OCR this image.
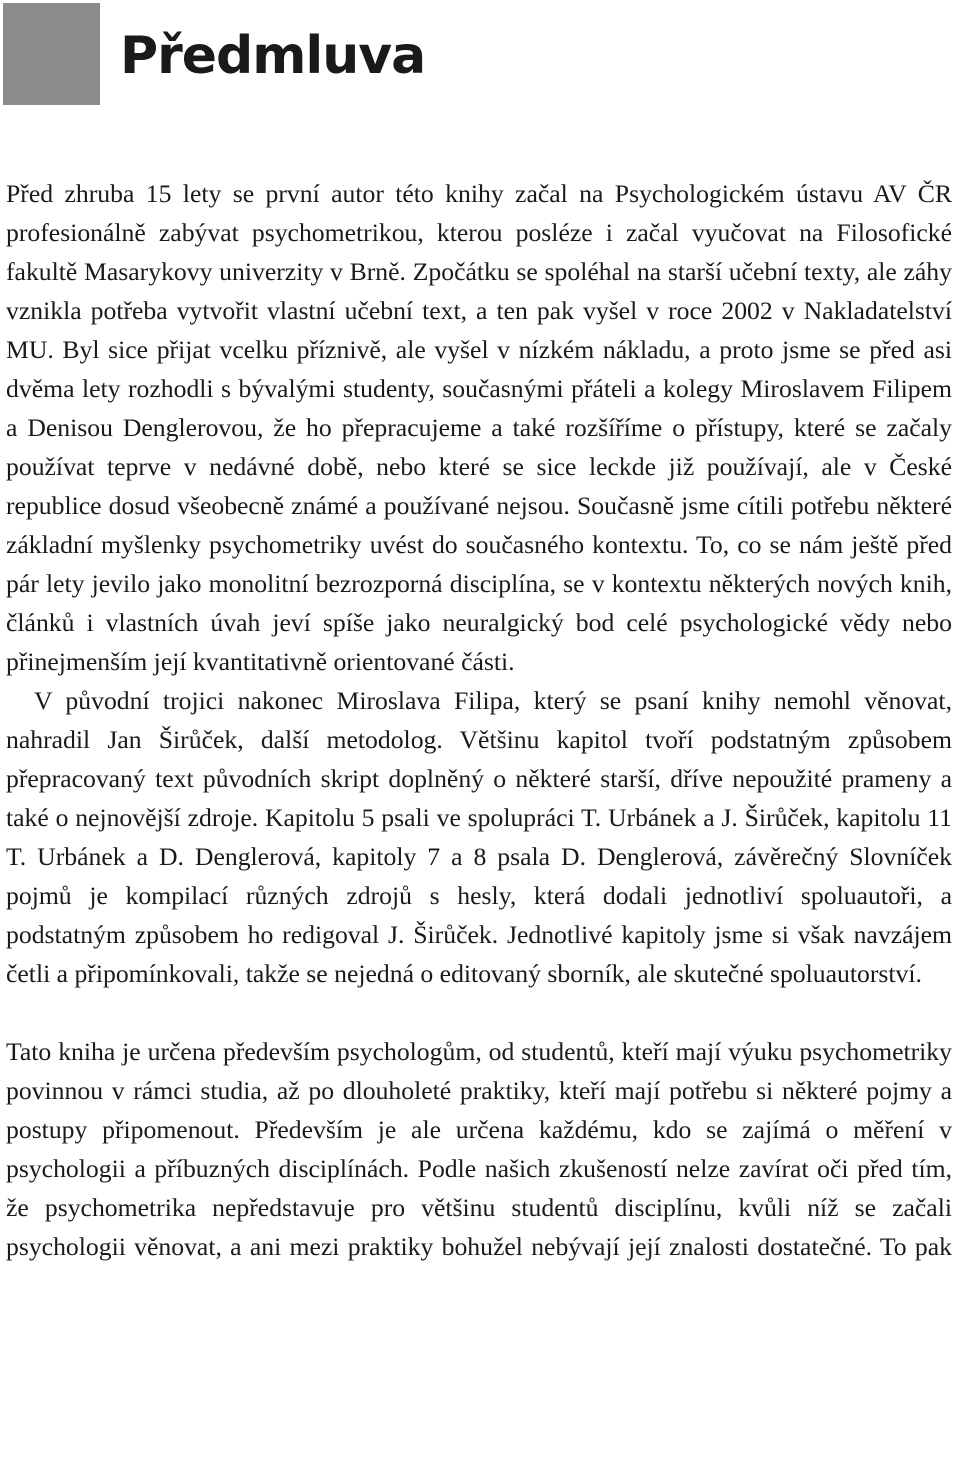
Předmluva

Před zhruba 15 lety se první autor této knihy začal na Psychologickém ústavu AV ČR profesionálně zabývat psychometrikou, kterou posléze i začal vyučovat na Filosofické fakultě Masarykovy univerzity v Brně. Zpočátku se spoléhal na starší učební texty, ale záhy vznikla potřeba vytvořit vlastní učební text, a ten pak vyšel v roce 2002 v Nakladatelství MU. Byl sice přijat vcelku příznivě, ale vyšel v nízkém nákladu, a proto jsme se před asi dvěma lety rozhodli s bývalými studenty, současnými přáteli a kolegy Miroslavem Filipem a Denisou Denglerovou, že ho přepracujeme a také rozšíříme o přístupy, které se začaly používat teprve v nedávné době, nebo které se sice leckde již používají, ale v České republice dosud všeobecně známé a používané nejsou. Současně jsme cítili potřebu některé základní myšlenky psychometriky uvést do současného kontextu. To, co se nám ještě před pár lety jevilo jako monolitní bezrozporná disciplína, se v kontextu některých nových knih, článků i vlastních úvah jeví spíše jako neuralgický bod celé psychologické vědy nebo přinejmenším její kvantitativně orientované části.

V původní trojici nakonec Miroslava Filipa, který se psaní knihy nemohl věnovat, nahradil Jan Širůček, další metodolog. Většinu kapitol tvoří podstatným způsobem přepracovaný text původních skript doplněný o některé starší, dříve nepoužité prameny a také o nejnovější zdroje. Kapitolu 5 psali ve spolupráci T. Urbánek a J. Širůček, kapitolu 11 T. Urbánek a D. Denglerová, kapitoly 7 a 8 psala D. Denglerová, závěrečný Slovníček pojmů je kompilací různých zdrojů s hesly, která dodali jednotliví spoluautoři, a podstatným způsobem ho redigoval J. Širůček. Jednotlivé kapitoly jsme si však navzájem četli a připomínkovali, takže se nejedná o editovaný sborník, ale skutečné spoluautorství.

Tato kniha je určena především psychologům, od studentů, kteří mají výuku psychometriky povinnou v rámci studia, až po dlouholeté praktiky, kteří mají potřebu si některé pojmy a postupy připomenout. Především je ale určena každému, kdo se zajímá o měření v psychologii a příbuzných disciplínách. Podle našich zkušeností nelze zavírat oči před tím, že psychometrika nepředstavuje pro většinu studentů disciplínu, kvůli níž se začali psychologii věnovat, a ani mezi praktiky bohužel nebývají její znalosti dostatečné. To pak
